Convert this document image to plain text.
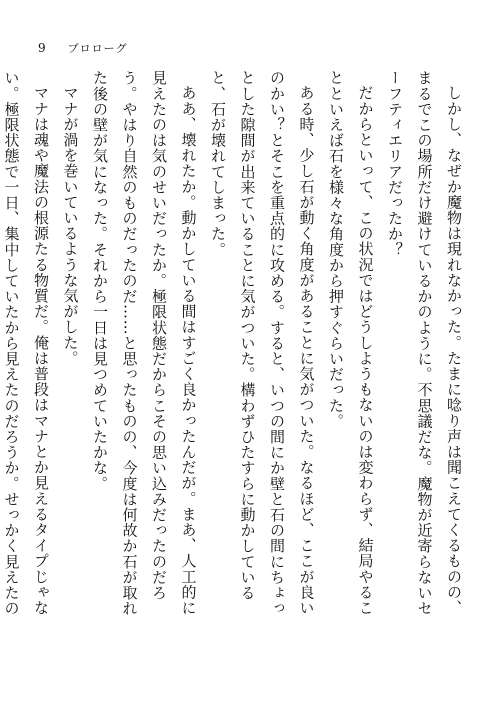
9 プロローグ

しかし、なぜか魔物は現れなかった。たまに唸り声は聞こえてくるものの、まるでこの場所だけ避けているかのように。不思議だな。魔物が近寄らないセーフティエリアだったか？

だからといって、この状況ではどうしようもないのは変わらず、結局やることといえば石を様々な角度から押すぐらいだった。

ある時、少し石が動く角度があることに気がついた。なるほど、ここが良いのかい？とそこを重点的に攻める。すると、いつの間にか壁と石の間にちょっとした隙間が出来ていることに気がついた。構わずひたすらに動かしていると、石が壊れてしまった。

ああ、壊れたか。動かしている間はすごく良かったんだが。まあ、人工的に見えたのは気のせいだったか。極限状態だからこその思い込みだったのだろう。やはり自然のものだったのだ……と思ったものの、今度は何故か石が取れた後の壁が気になった。それから一日は見つめていたかな。

マナが渦を巻いているような気がした。

マナは魂や魔法の根源たる物質だ。俺は普段はマナとか見えるタイプじゃない。極限状態で一日、集中していたから見えたのだろうか。せっかく見えたの
